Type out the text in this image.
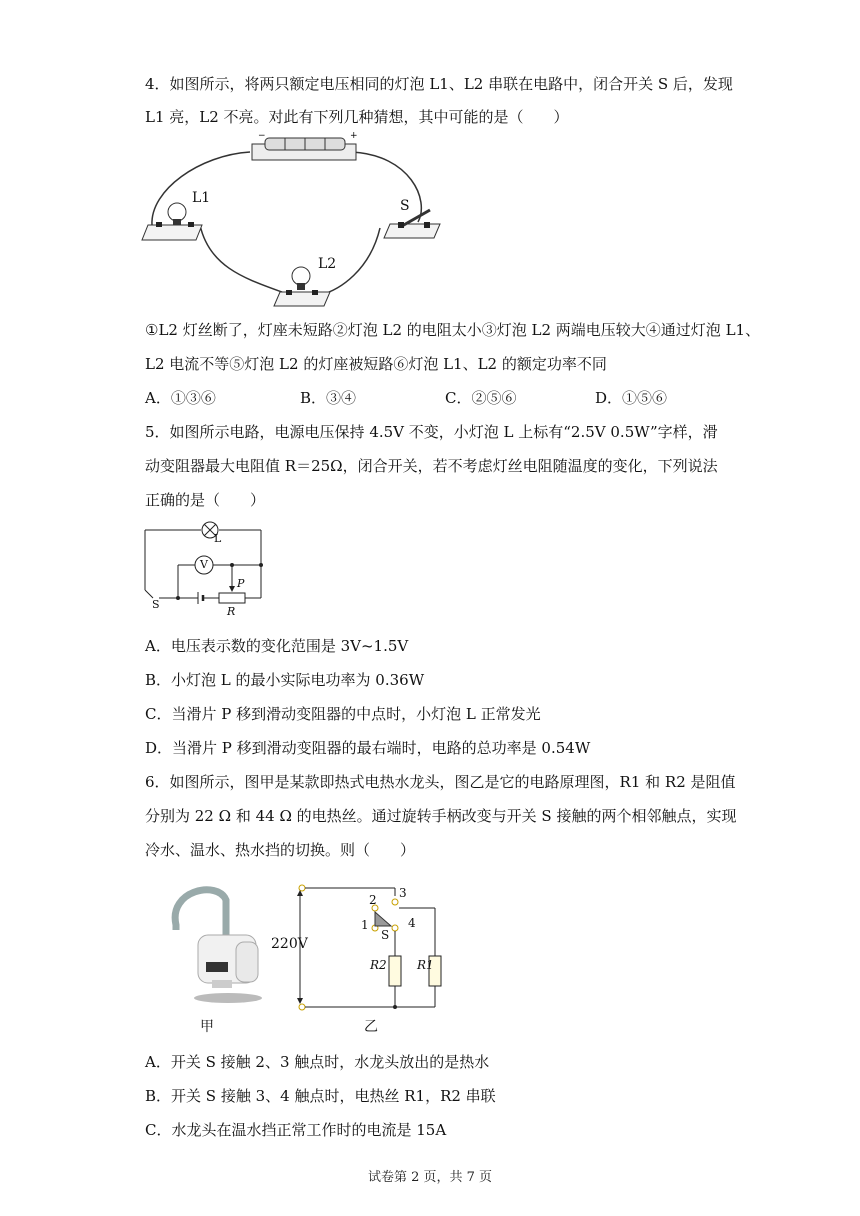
4．如图所示，将两只额定电压相同的灯泡 L1、L2 串联在电路中，闭合开关 S 后，发现
L1 亮，L2 不亮。对此有下列几种猜想，其中可能的是（　　）
−	+
L1	S
L2
①L2 灯丝断了，灯座未短路②灯泡 L2 的电阻太小③灯泡 L2 两端电压较大④通过灯泡 L1、
L2 电流不等⑤灯泡 L2 的灯座被短路⑥灯泡 L1、L2 的额定功率不同
A．①③⑥	B．③④	C．②⑤⑥	D．①⑤⑥
5．如图所示电路，电源电压保持 4.5V 不变，小灯泡 L 上标有“2.5V 0.5W”字样，滑
动变阻器最大电阻值 R＝25Ω，闭合开关，若不考虑灯丝电阻随温度的变化，下列说法
正确的是（　　）
L
V
P
R
S
A．电压表示数的变化范围是 3V~1.5V
B．小灯泡 L 的最小实际电功率为 0.36W
C．当滑片 P 移到滑动变阻器的中点时，小灯泡 L 正常发光
D．当滑片 P 移到滑动变阻器的最右端时，电路的总功率是 0.54W
6．如图所示，图甲是某款即热式电热水龙头，图乙是它的电路原理图，R1 和 R2 是阻值
分别为 22 Ω 和 44 Ω 的电热丝。通过旋转手柄改变与开关 S 接触的两个相邻触点，实现
冷水、温水、热水挡的切换。则（　　）
甲
220V
1
2 3
4
S
R2	R1
乙
A．开关 S 接触 2、3 触点时，水龙头放出的是热水
B．开关 S 接触 3、4 触点时，电热丝 R1，R2 串联
C．水龙头在温水挡正常工作时的电流是 15A
试卷第 2 页，共 7 页
